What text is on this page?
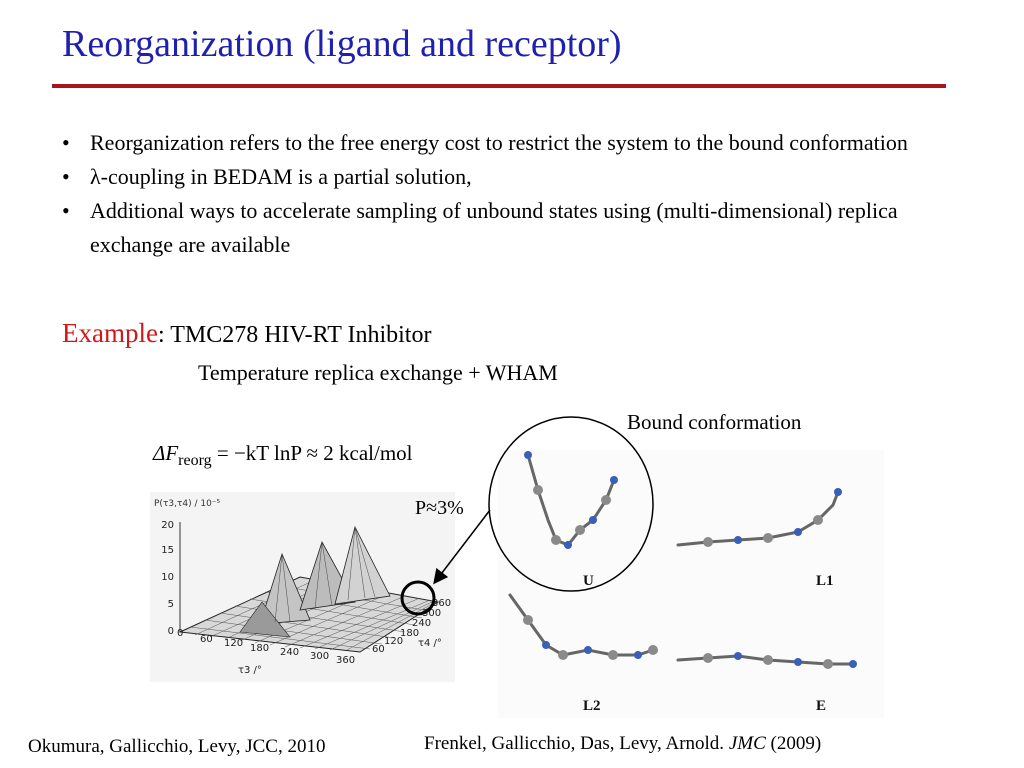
Reorganization (ligand and receptor)
• Reorganization refers to the free energy cost to restrict the system to the bound conformation
• λ-coupling in BEDAM is a partial solution,
• Additional ways to accelerate sampling of unbound states using (multi-dimensional) replica exchange are available
Example: TMC278 HIV-RT Inhibitor
Temperature replica exchange + WHAM
Bound conformation
$\Delta F_{reorg} = -kT$ lnP ≈ 2 kcal/mol
P(τ3,τ4) / 10⁻⁵
0
5
10
15
20
0
60 120 180 240 300 360
τ3 /°
60
120
180
240
300
360
τ4 /°
U	L1
L2	E
P≈3%
Okumura, Gallicchio, Levy, JCC, 2010	Frenkel, Gallicchio, Das, Levy, Arnold. JMC (2009)
